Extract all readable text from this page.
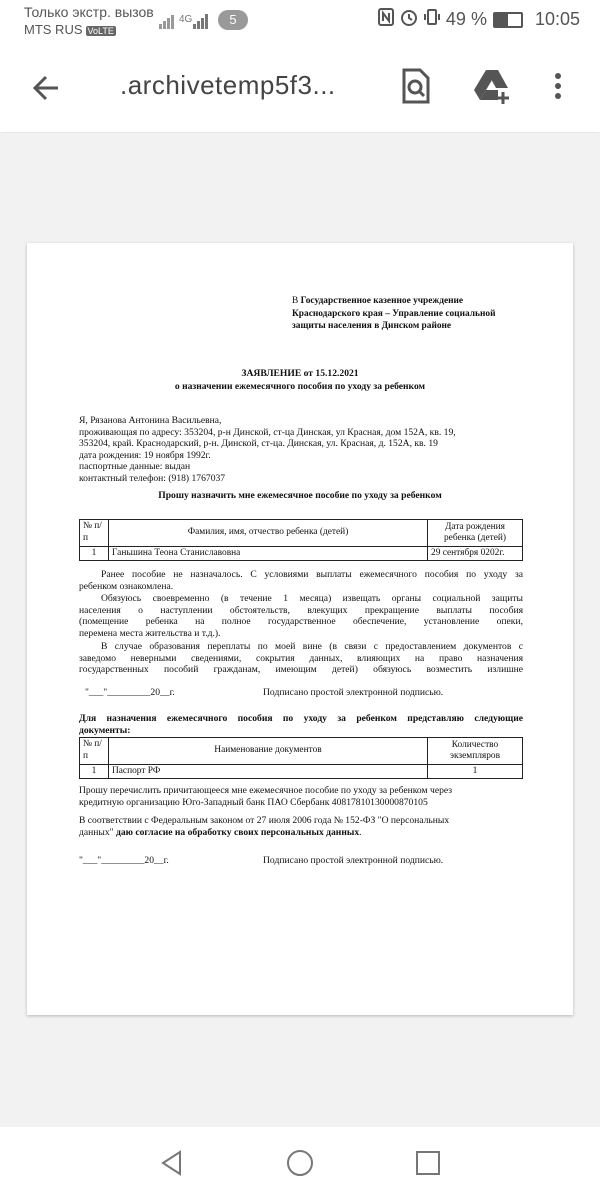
Только экстр. вызов
MTS RUS VoLTE
4G	5	49 %	10:05
.archivetemp5f3...
В Государственное казенное учреждение
Краснодарского края – Управление социальной
защиты населения в Динском районе
ЗАЯВЛЕНИЕ от 15.12.2021
о назначении ежемесячного пособия по уходу за ребенком
Я, Рязанова Антонина Васильевна,
проживающая по адресу: 353204, р-н Динской, ст-ца Динская, ул Красная, дом 152А, кв. 19,
353204, край. Краснодарский, р-н. Динской, ст-ца. Динская, ул. Красная, д. 152А, кв. 19
дата рождения: 19 ноября 1992г.
паспортные данные: выдан
контактный телефон: (918) 1767037
Прошу назначить мне ежемесячное пособие по уходу за ребенком
№ п/п	Фамилия, имя, отчество ребенка (детей)	Дата рождения
ребенка (детей)

1	Ганьшина Теона Станиславовна	29 сентября 0202г.
Ранее пособие не назначалось. С условиями выплаты ежемесячного пособия по уходу за
ребенком ознакомлена.
Обязуюсь своевременно (в течение 1 месяца) извещать органы социальной защиты
населения о наступлении обстоятельств, влекущих прекращение выплаты пособия
(помещение ребенка на полное государственное обеспечение, установление опеки,
перемена места жительства и т.д.).
В случае образования переплаты по моей вине (в связи с предоставлением документов с
заведомо неверными сведениями, сокрытия данных, влияющих на право назначения
государственных пособий гражданам, имеющим детей) обязуюсь возместить излишне
"___"_________20__г.	Подписано простой электронной подписью.
Для назначения ежемесячного пособия по уходу за ребенком представляю следующие
документы:
№ п/п	Наименование документов	Количество
экземпляров

1	Паспорт РФ	1
Прошу перечислить причитающееся мне ежемесячное пособие по уходу за ребенком через
кредитную организацию Юго-Западный банк ПАО Сбербанк 40817810130000870105
В соответствии с Федеральным законом от 27 июля 2006 года № 152-ФЗ "О персональных
данных" даю согласие на обработку своих персональных данных.
"___"_________20__г.	Подписано простой электронной подписью.
